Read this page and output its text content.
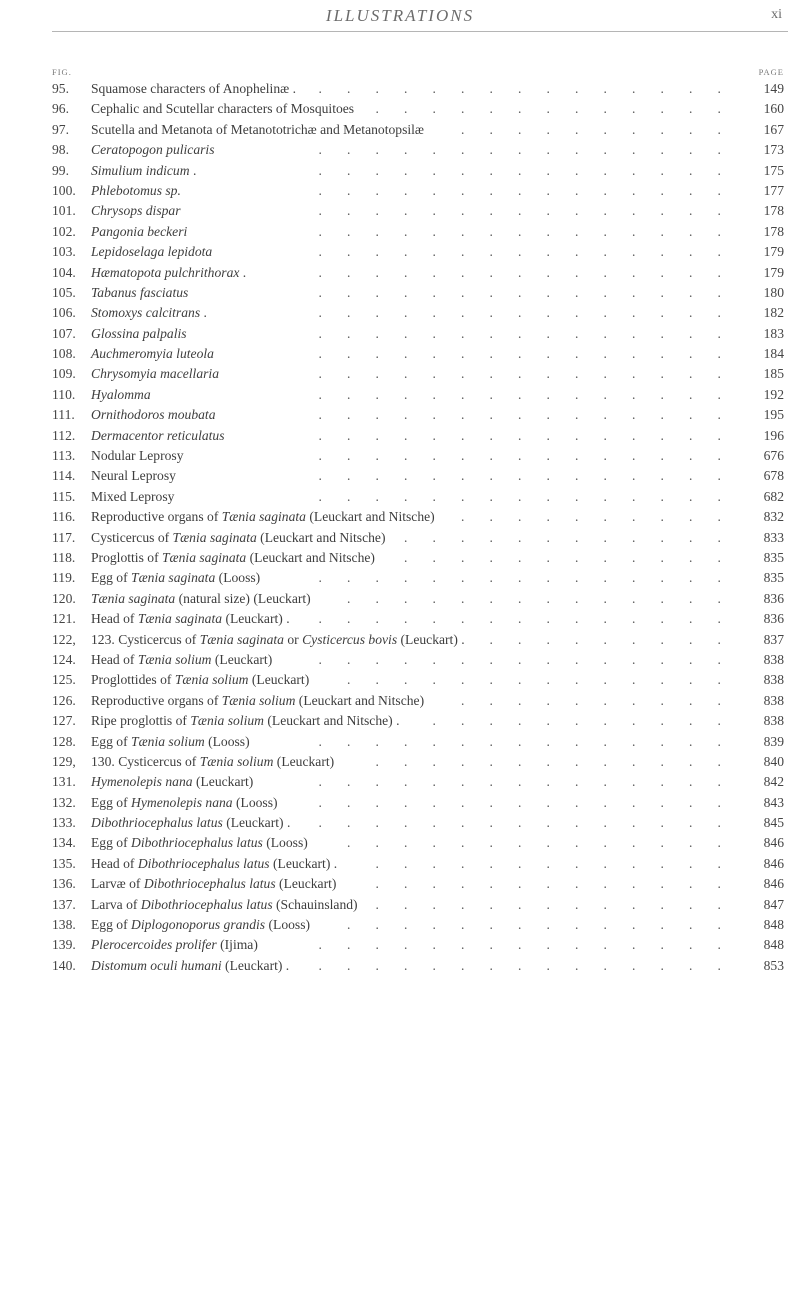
ILLUSTRATIONS	xi
FIG.	PAGE
95.	Squamose characters of Anophelinæ . ............... 149
96.	Cephalic and Scutellar characters of Mosquitoes ............. 160
97.	Scutella and Metanota of Metanototrichæ and Metanotopsilæ	.......... 167
98.	Ceratopogon pulicaris	............... 173
99.	Simulium indicum .	............... 175
100.	Phlebotomus sp.	............... 177
101.	Chrysops dispar	............... 178
102.	Pangonia beckeri	............... 178
103.	Lepidoselaga lepidota	............... 179
104.	Hæmatopota pulchrithorax .	............... 179
105.	Tabanus fasciatus	............... 180
106.	Stomoxys calcitrans .	............... 182
107.	Glossina palpalis	............... 183
108.	Auchmeromyia luteola	............... 184
109.	Chrysomyia macellaria	............... 185
110.	Hyalomma	............... 192
111.	Ornithodoros moubata	............... 195
112.	Dermacentor reticulatus	............... 196
113.	Nodular Leprosy	............... 676
114.	Neural Leprosy	............... 678
115.	Mixed Leprosy	............... 682
116.	Reproductive organs of Tænia saginata (Leuckart and Nitsche) .......... 832
117.	Cysticercus of Tænia saginata (Leuckart and Nitsche) ............ 833
118.	Proglottis of Tænia saginata (Leuckart and Nitsche) ............ 835
119.	Egg of Tænia saginata (Looss)	............... 835
120.	Tænia saginata (natural size) (Leuckart)	.............. 836
121.	Head of Tænia saginata (Leuckart) . ............... 836
122,	123. Cysticercus of Tænia saginata or Cysticercus bovis (Leuckart) . ......... 837
124.	Head of Tænia solium (Leuckart)	............... 838
125.	Proglottides of Tænia solium (Leuckart)	.............. 838
126.	Reproductive organs of Tænia solium (Leuckart and Nitsche)	.......... 838
127.	Ripe proglottis of Tænia solium (Leuckart and Nitsche) . ........... 838
128.	Egg of Tænia solium (Looss)	............... 839
129,	130. Cysticercus of Tænia solium (Leuckart)	............. 840
131.	Hymenolepis nana (Leuckart)	............... 842
132.	Egg of Hymenolepis nana (Looss)	............... 843
133.	Dibothriocephalus latus (Leuckart) . ............... 845
134.	Egg of Dibothriocephalus latus (Looss)	.............. 846
135.	Head of Dibothriocephalus latus (Leuckart) .	............. 846
136.	Larvæ of Dibothriocephalus latus (Leuckart)	............. 846
137.	Larva of Dibothriocephalus latus (Schauinsland) ............. 847
138.	Egg of Diplogonoporus grandis (Looss)	.............. 848
139.	Plerocercoides prolifer (Ijima)	............... 848
140.	Distomum oculi humani (Leuckart) . ............... 853
